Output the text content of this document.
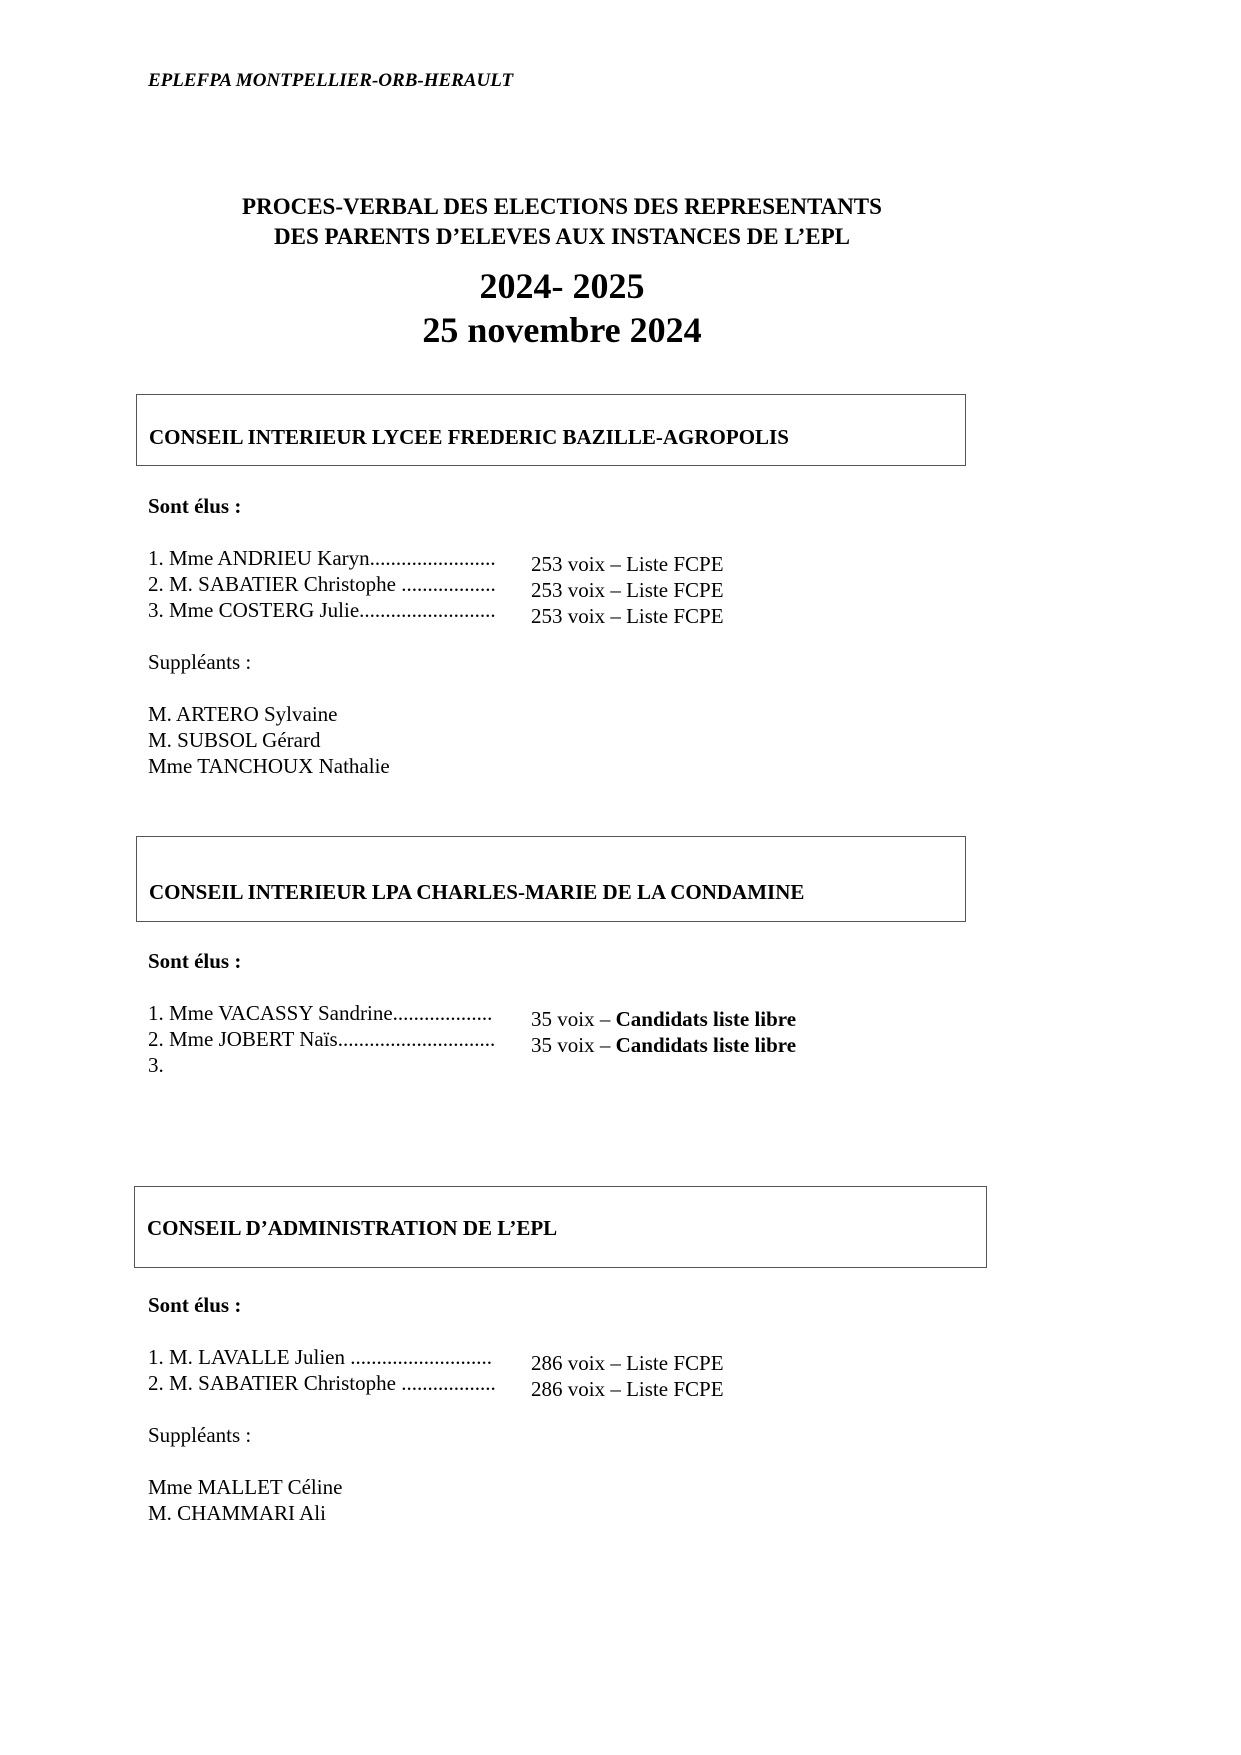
EPLEFPA MONTPELLIER-ORB-HERAULT

PROCES-VERBAL DES ELECTIONS DES REPRESENTANTS

DES PARENTS D’ELEVES AUX INSTANCES DE L’EPL

2024- 2025

25 novembre 2024

CONSEIL INTERIEUR LYCEE FREDERIC BAZILLE-AGROPOLIS
Sont élus :
1. Mme ANDRIEU Karyn........................ 253 voix – Liste FCPE
2. M. SABATIER Christophe .................. 253 voix – Liste FCPE
3. Mme COSTERG Julie.......................... 253 voix – Liste FCPE
Suppléants :
M. ARTERO Sylvaine
M. SUBSOL Gérard
Mme TANCHOUX Nathalie
CONSEIL INTERIEUR LPA CHARLES-MARIE DE LA CONDAMINE
Sont élus :
1. Mme VACASSY Sandrine................... 35 voix – Candidats liste libre
2. Mme JOBERT Naïs.............................. 35 voix – Candidats liste libre
3.
CONSEIL D’ADMINISTRATION DE L’EPL
Sont élus :
1. M. LAVALLE Julien ........................... 286 voix – Liste FCPE
2. M. SABATIER Christophe .................. 286 voix – Liste FCPE
Suppléants :
Mme MALLET Céline
M. CHAMMARI Ali
